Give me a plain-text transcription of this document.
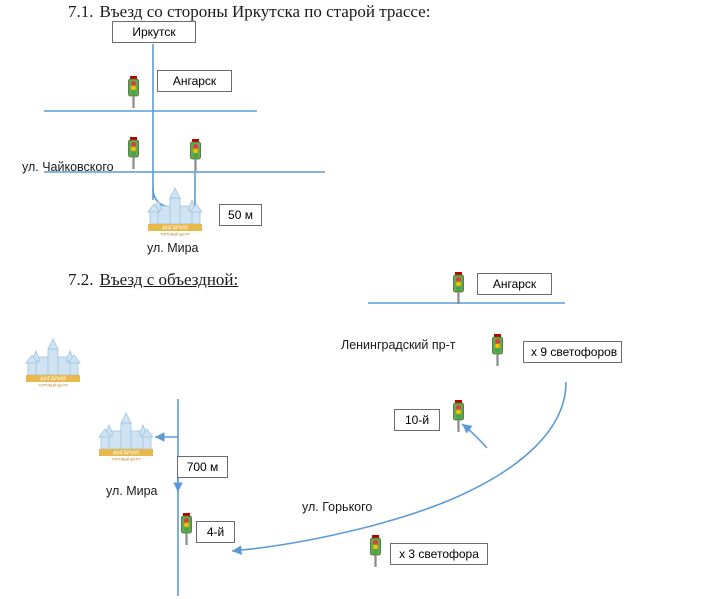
7.1. Въезд со стороны Иркутска по старой трассе:
7.2. Въезд с объездной:
Иркутск
Ангарск
50 м
ул. Чайковского
ул. Мира
АНГАРИЯ
ТОРГОВЫЙ ЦЕНТР
Ангарск
х 9 светофоров
10-й
700 м
4-й
х 3 светофора
Ленинградский пр-т
ул. Мира
ул. Горького
АНГАРИЯ
ТОРГОВЫЙ ЦЕНТР
АНГАРИЯ
ТОРГОВЫЙ ЦЕНТР
